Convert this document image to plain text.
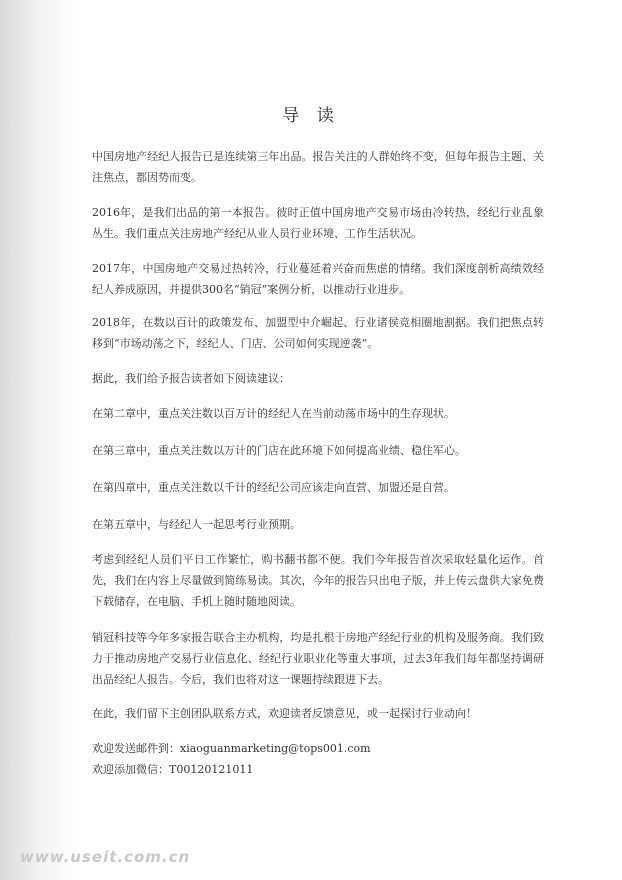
导 读

中国房地产经纪人报告已是连续第三年出品。报告关注的人群始终不变，但每年报告主题、关注焦点，都因势而变。

2016年，是我们出品的第一本报告。彼时正值中国房地产交易市场由冷转热，经纪行业乱象丛生。我们重点关注房地产经纪从业人员行业环境、工作生活状况。

2017年，中国房地产交易过热转冷，行业蔓延着兴奋而焦虑的情绪。我们深度剖析高绩效经纪人养成原因，并提供300名“销冠”案例分析，以推动行业进步。

2018年，在数以百计的政策发布、加盟型中介崛起、行业诸侯竞相圈地割据。我们把焦点转移到“市场动荡之下，经纪人、门店、公司如何实现逆袭”。

据此，我们给予报告读者如下阅读建议：

在第二章中，重点关注数以百万计的经纪人在当前动荡市场中的生存现状。

在第三章中，重点关注数以万计的门店在此环境下如何提高业绩、稳住军心。

在第四章中，重点关注数以千计的经纪公司应该走向直营、加盟还是自营。

在第五章中，与经纪人一起思考行业预期。

考虑到经纪人员们平日工作繁忙，购书翻书都不便。我们今年报告首次采取轻量化运作。首先，我们在内容上尽量做到简练易读。其次，今年的报告只出电子版，并上传云盘供大家免费下载储存，在电脑、手机上随时随地阅读。

销冠科技等今年多家报告联合主办机构，均是扎根于房地产经纪行业的机构及服务商。我们致力于推动房地产交易行业信息化、经纪行业职业化等重大事项，过去3年我们每年都坚持调研出品经纪人报告。今后，我们也将对这一课题持续跟进下去。

在此，我们留下主创团队联系方式，欢迎读者反馈意见，或一起探讨行业动向！

欢迎发送邮件到：xiaoguanmarketing@tops001.com
欢迎添加微信：T00120121011
www.useit.com.cn
